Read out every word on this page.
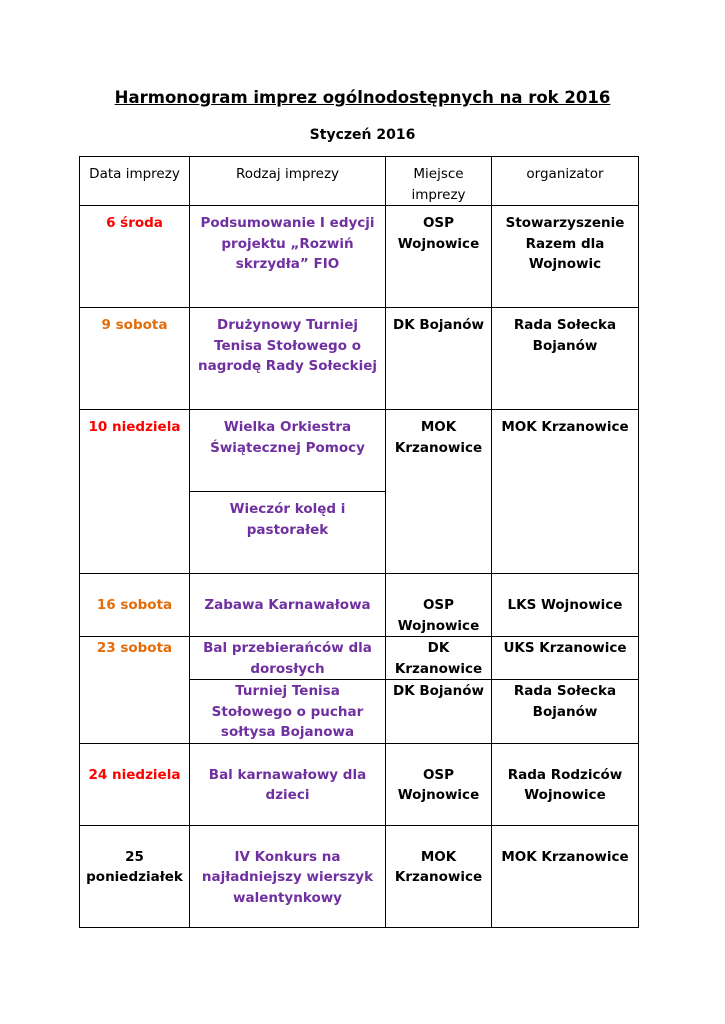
Harmonogram imprez ogólnodostępnych na rok 2016
Styczeń 2016
Data imprezy	Rodzaj imprezy	Miejsce imprezy	organizator
6 środa	Podsumowanie I edycji projektu „Rozwiń skrzydła” FIO	OSP Wojnowice	Stowarzyszenie Razem dla Wojnowic
9 sobota	Drużynowy Turniej Tenisa Stołowego o nagrodę Rady Sołeckiej	DK Bojanów	Rada Sołecka Bojanów
10 niedziela	Wielka Orkiestra Świątecznej Pomocy	MOK Krzanowice	MOK Krzanowice
	Wieczór kolęd i pastorałek		
16 sobota	Zabawa Karnawałowa	OSP Wojnowice	LKS Wojnowice
23 sobota	Bal przebierańców dla dorosłych	DK Krzanowice	UKS Krzanowice
	Turniej Tenisa Stołowego o puchar sołtysa Bojanowa	DK Bojanów	Rada Sołecka Bojanów
24 niedziela	Bal karnawałowy dla dzieci	OSP Wojnowice	Rada Rodziców Wojnowice
25 poniedziałek	IV Konkurs na najładniejszy wierszyk walentynkowy	MOK Krzanowice	MOK Krzanowice
